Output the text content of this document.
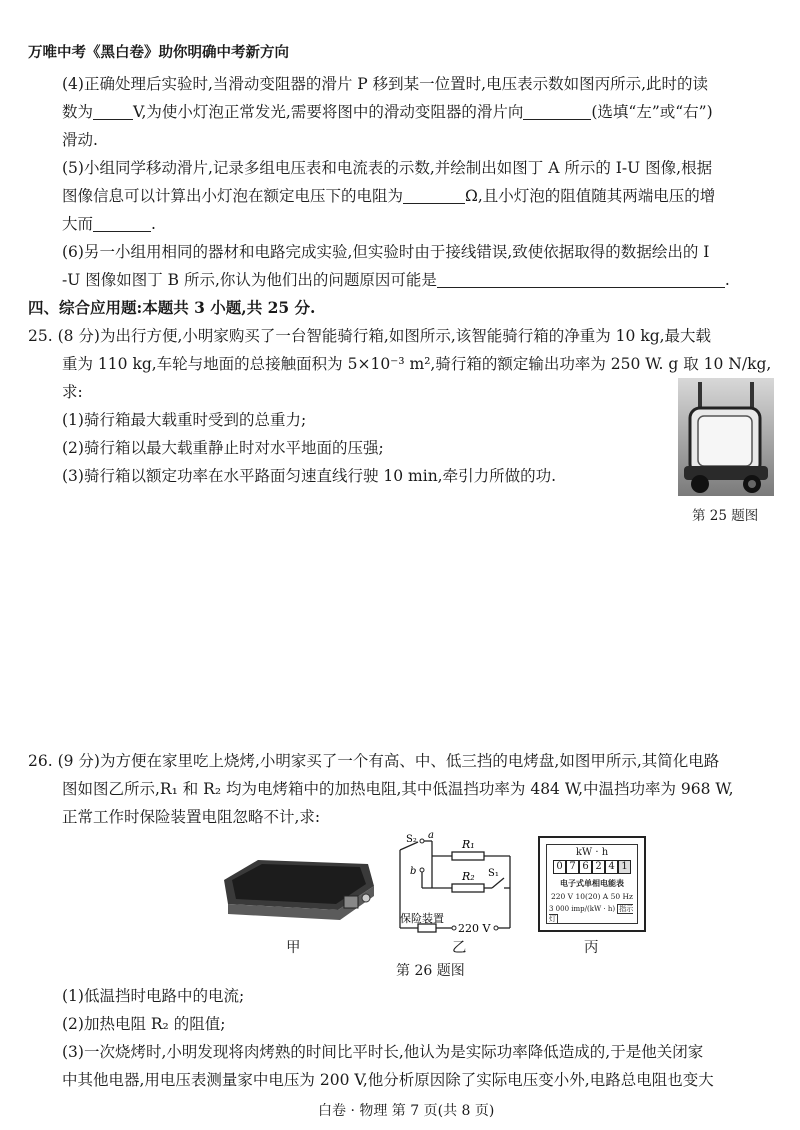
万唯中考《黑白卷》助你明确中考新方向
(4)正确处理后实验时,当滑动变阻器的滑片 P 移到某一位置时,电压表示数如图丙所示,此时的读
数为	V,为使小灯泡正常发光,需要将图中的滑动变阻器的滑片向	(选填“左”或“右”)
滑动.
(5)小组同学移动滑片,记录多组电压表和电流表的示数,并绘制出如图丁 A 所示的 I-U 图像,根据
图像信息可以计算出小灯泡在额定电压下的电阻为	Ω,且小灯泡的阻值随其两端电压的增
大而	.
(6)另一小组用相同的器材和电路完成实验,但实验时由于接线错误,致使依据取得的数据绘出的 I
-U 图像如图丁 B 所示,你认为他们出的问题原因可能是	.
四、综合应用题:本题共 3 小题,共 25 分.
25. (8 分)为出行方便,小明家购买了一台智能骑行箱,如图所示,该智能骑行箱的净重为 10 kg,最大载
重为 110 kg,车轮与地面的总接触面积为 5×10⁻³ m²,骑行箱的额定输出功率为 250 W. g 取 10 N/kg,
求:
(1)骑行箱最大载重时受到的总重力;
(2)骑行箱以最大载重静止时对水平地面的压强;
(3)骑行箱以额定功率在水平路面匀速直线行驶 10 min,牵引力所做的功.
第 25 题图
26. (9 分)为方便在家里吃上烧烤,小明家买了一个有高、中、低三挡的电烤盘,如图甲所示,其简化电路
图如图乙所示,R₁ 和 R₂ 均为电烤箱中的加热电阻,其中低温挡功率为 484 W,中温挡功率为 968 W,
正常工作时保险装置电阻忽略不计,求:
甲
S₂ a
b
R₁
R₂ S₁
保险装置
220 V
乙
kW · h
0 7 6 2 4 1
电子式单相电能表
220 V 10(20) A 50 Hz
3 000 imp/(kW · h) 指示灯
丙
第 26 题图
(1)低温挡时电路中的电流;
(2)加热电阻 R₂ 的阻值;
(3)一次烧烤时,小明发现将肉烤熟的时间比平时长,他认为是实际功率降低造成的,于是他关闭家
中其他电器,用电压表测量家中电压为 200 V,他分析原因除了实际电压变小外,电路总电阻也变大
白卷 · 物理 第 7 页(共 8 页)
